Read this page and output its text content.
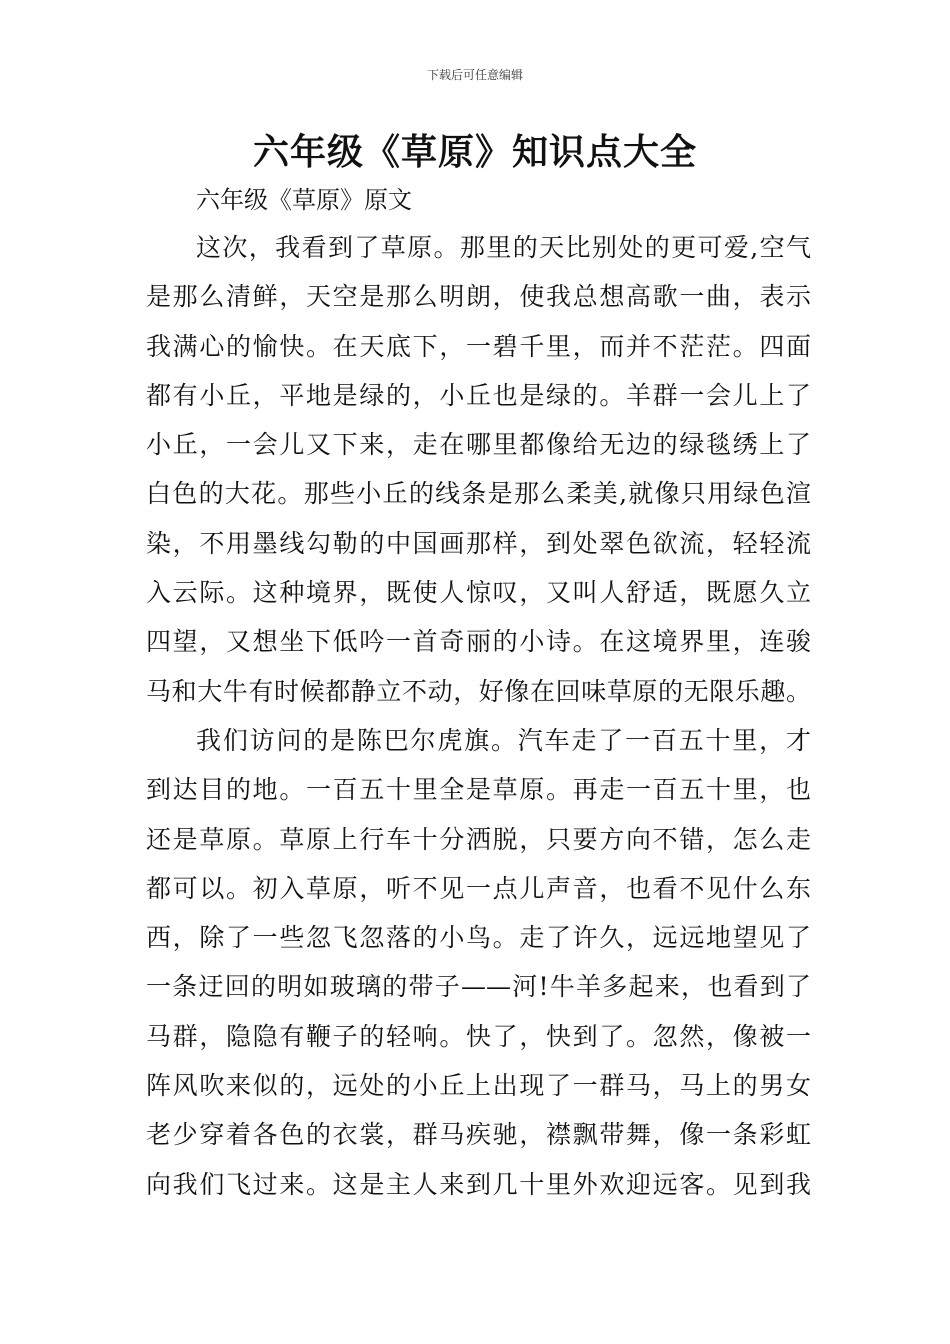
下载后可任意编辑
六年级《草原》知识点大全
六年级《草原》原文
这次，我看到了草原。那里的天比别处的更可爱,空气
是那么清鲜，天空是那么明朗，使我总想高歌一曲，表示
我满心的愉快。在天底下，一碧千里，而并不茫茫。四面
都有小丘，平地是绿的，小丘也是绿的。羊群一会儿上了
小丘，一会儿又下来，走在哪里都像给无边的绿毯绣上了
白色的大花。那些小丘的线条是那么柔美,就像只用绿色渲
染，不用墨线勾勒的中国画那样，到处翠色欲流，轻轻流
入云际。这种境界，既使人惊叹，又叫人舒适，既愿久立
四望，又想坐下低吟一首奇丽的小诗。在这境界里，连骏
马和大牛有时候都静立不动，好像在回味草原的无限乐趣。
我们访问的是陈巴尔虎旗。汽车走了一百五十里，才
到达目的地。一百五十里全是草原。再走一百五十里，也
还是草原。草原上行车十分洒脱，只要方向不错，怎么走
都可以。初入草原，听不见一点儿声音，也看不见什么东
西，除了一些忽飞忽落的小鸟。走了许久，远远地望见了
一条迂回的明如玻璃的带子——河!牛羊多起来，也看到了
马群，隐隐有鞭子的轻响。快了，快到了。忽然，像被一
阵风吹来似的，远处的小丘上出现了一群马，马上的男女
老少穿着各色的衣裳，群马疾驰，襟飘带舞，像一条彩虹
向我们飞过来。这是主人来到几十里外欢迎远客。见到我
